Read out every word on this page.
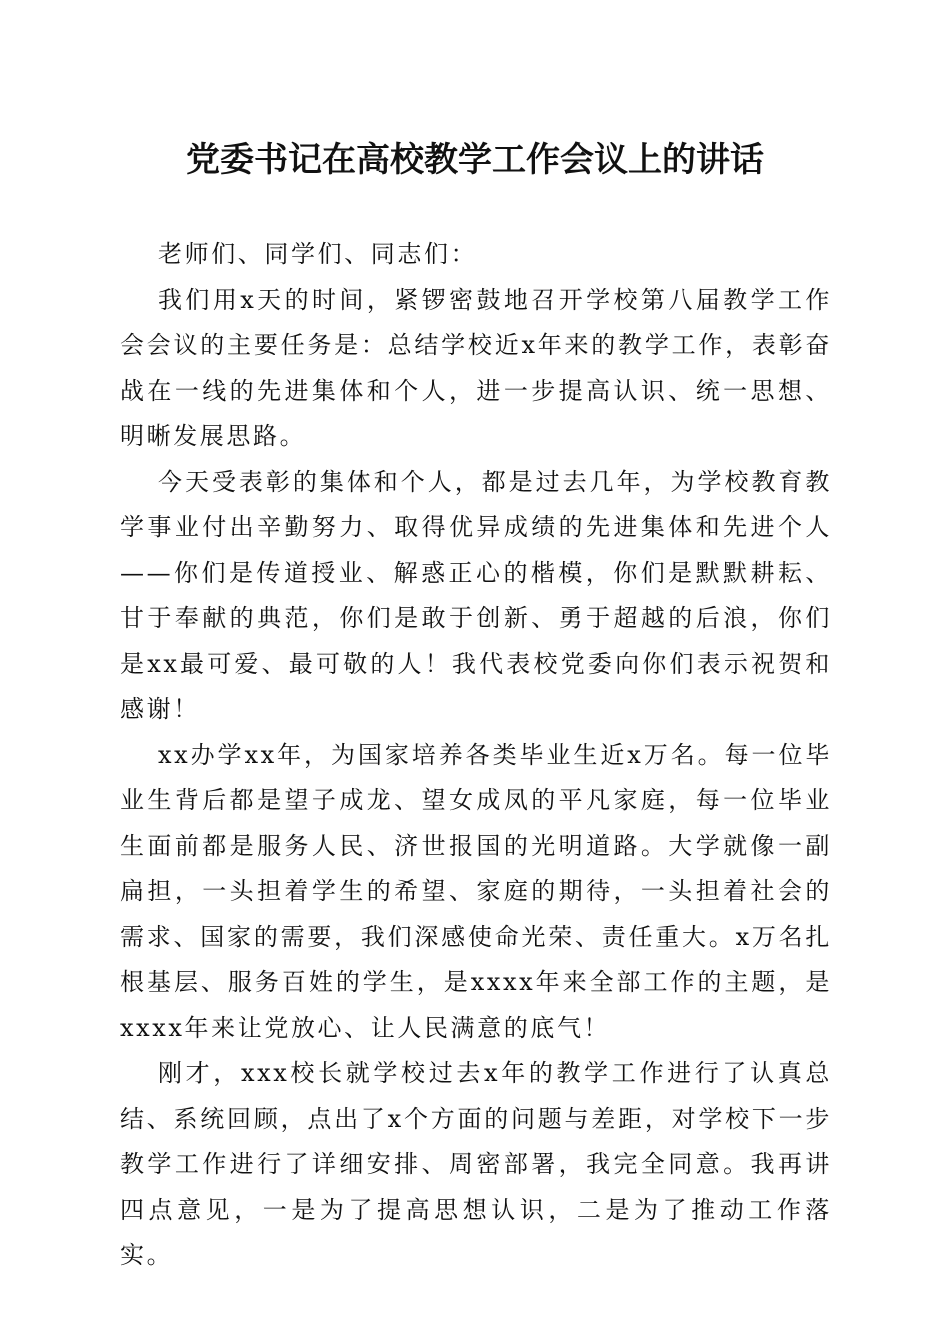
党委书记在高校教学工作会议上的讲话

老师们、同学们、同志们：

我们用x天的时间，紧锣密鼓地召开学校第八届教学工作会会议的主要任务是：总结学校近x年来的教学工作，表彰奋战在一线的先进集体和个人，进一步提高认识、统一思想、明晰发展思路。

今天受表彰的集体和个人，都是过去几年，为学校教育教学事业付出辛勤努力、取得优异成绩的先进集体和先进个人——你们是传道授业、解惑正心的楷模，你们是默默耕耘、甘于奉献的典范，你们是敢于创新、勇于超越的后浪，你们是xx最可爱、最可敬的人！我代表校党委向你们表示祝贺和感谢！

xx办学xx年，为国家培养各类毕业生近x万名。每一位毕业生背后都是望子成龙、望女成凤的平凡家庭，每一位毕业生面前都是服务人民、济世报国的光明道路。大学就像一副扁担，一头担着学生的希望、家庭的期待，一头担着社会的需求、国家的需要，我们深感使命光荣、责任重大。x万名扎根基层、服务百姓的学生，是xxxx年来全部工作的主题，是xxxx年来让党放心、让人民满意的底气！

刚才，xxx校长就学校过去x年的教学工作进行了认真总结、系统回顾，点出了x个方面的问题与差距，对学校下一步教学工作进行了详细安排、周密部署，我完全同意。我再讲四点意见，一是为了提高思想认识，二是为了推动工作落实。
